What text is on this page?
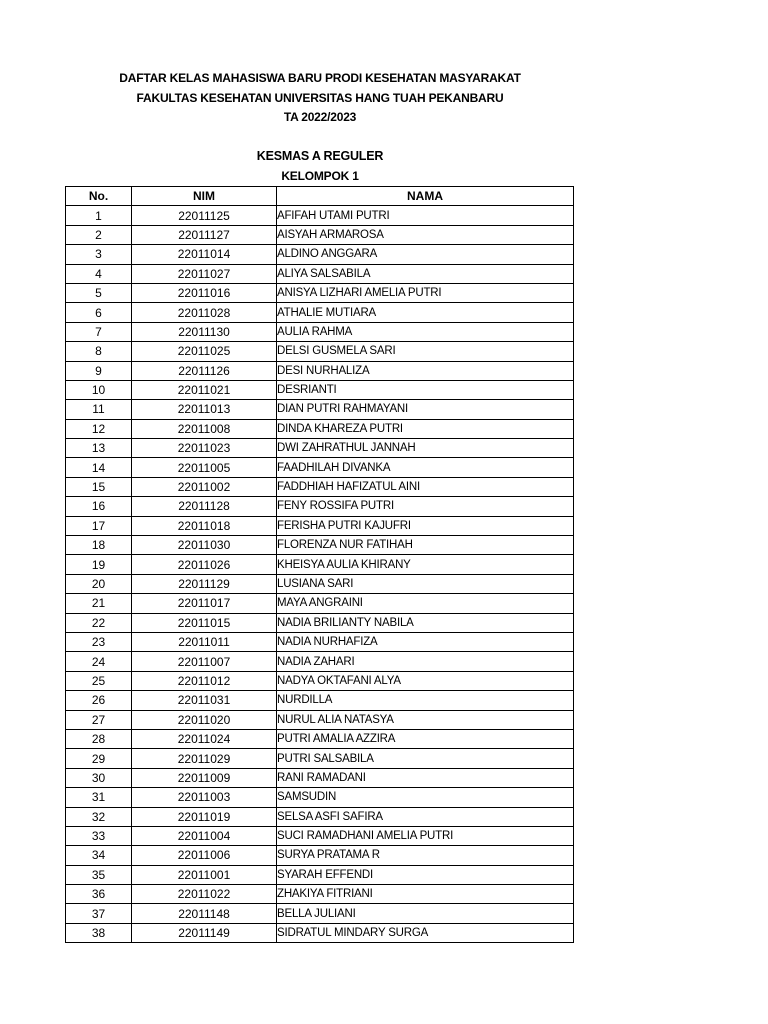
DAFTAR KELAS MAHASISWA BARU PRODI KESEHATAN MASYARAKAT
FAKULTAS KESEHATAN UNIVERSITAS HANG TUAH PEKANBARU
TA 2022/2023
KESMAS A REGULER
KELOMPOK 1
No.	NIM	NAMA
1	22011125	AFIFAH UTAMI PUTRI
2	22011127	AISYAH ARMAROSA
3	22011014	ALDINO ANGGARA
4	22011027	ALIYA SALSABILA
5	22011016	ANISYA LIZHARI AMELIA PUTRI
6	22011028	ATHALIE MUTIARA
7	22011130	AULIA RAHMA
8	22011025	DELSI GUSMELA SARI
9	22011126	DESI NURHALIZA
10	22011021	DESRIANTI
11	22011013	DIAN PUTRI RAHMAYANI
12	22011008	DINDA KHAREZA PUTRI
13	22011023	DWI ZAHRATHUL JANNAH
14	22011005	FAADHILAH DIVANKA
15	22011002	FADDHIAH HAFIZATUL AINI
16	22011128	FENY ROSSIFA PUTRI
17	22011018	FERISHA PUTRI KAJUFRI
18	22011030	FLORENZA NUR FATIHAH
19	22011026	KHEISYA AULIA KHIRANY
20	22011129	LUSIANA SARI
21	22011017	MAYA ANGRAINI
22	22011015	NADIA BRILIANTY NABILA
23	22011011	NADIA NURHAFIZA
24	22011007	NADIA ZAHARI
25	22011012	NADYA OKTAFANI ALYA
26	22011031	NURDILLA
27	22011020	NURUL ALIA NATASYA
28	22011024	PUTRI AMALIA AZZIRA
29	22011029	PUTRI SALSABILA
30	22011009	RANI RAMADANI
31	22011003	SAMSUDIN
32	22011019	SELSA ASFI SAFIRA
33	22011004	SUCI RAMADHANI AMELIA PUTRI
34	22011006	SURYA PRATAMA R
35	22011001	SYARAH EFFENDI
36	22011022	ZHAKIYA FITRIANI
37	22011148	BELLA JULIANI
38	22011149	SIDRATUL MINDARY SURGA
